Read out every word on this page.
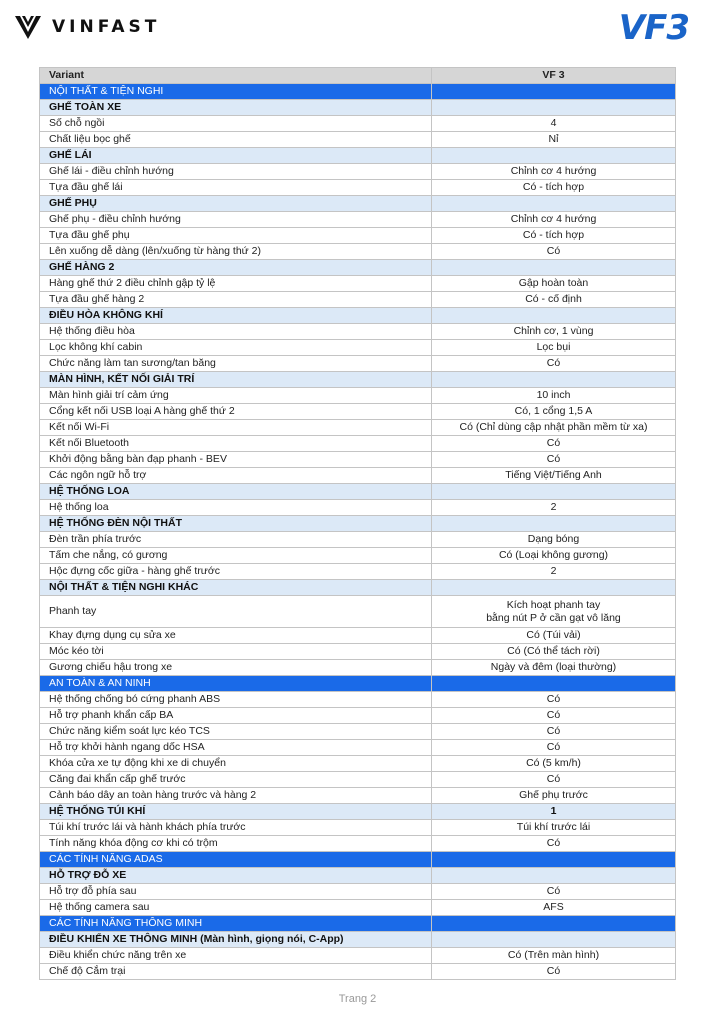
VINFAST	VF3
Variant	VF 3
NỘI THẤT & TIỆN NGHI	
GHẾ TOÀN XE	
Số chỗ ngồi	4
Chất liệu bọc ghế	Nỉ
GHẾ LÁI	
Ghế lái - điều chỉnh hướng	Chỉnh cơ 4 hướng
Tựa đầu ghế lái	Có - tích hợp
GHẾ PHỤ	
Ghế phụ - điều chỉnh hướng	Chỉnh cơ 4 hướng
Tựa đầu ghế phụ	Có - tích hợp
Lên xuống dễ dàng (lên/xuống từ hàng thứ 2)	Có
GHẾ HÀNG 2	
Hàng ghế thứ 2 điều chỉnh gập tỷ lệ	Gập hoàn toàn
Tựa đầu ghế hàng 2	Có - cố định
ĐIỀU HÒA KHÔNG KHÍ	
Hệ thống điều hòa	Chỉnh cơ, 1 vùng
Lọc không khí cabin	Lọc bụi
Chức năng làm tan sương/tan băng	Có
MÀN HÌNH, KẾT NỐI GIẢI TRÍ	
Màn hình giải trí cảm ứng	10 inch
Cổng kết nối USB loại A hàng ghế thứ 2	Có, 1 cổng 1,5 A
Kết nối Wi-Fi	Có (Chỉ dùng cập nhật phần mềm từ xa)
Kết nối Bluetooth	Có
Khởi động bằng bàn đạp phanh - BEV	Có
Các ngôn ngữ hỗ trợ	Tiếng Việt/Tiếng Anh
HỆ THỐNG LOA	
Hệ thống loa	2
HỆ THỐNG ĐÈN NỘI THẤT	
Đèn trần phía trước	Dạng bóng
Tấm che nắng, có gương	Có (Loại không gương)
Hộc đựng cốc giữa - hàng ghế trước	2
NỘI THẤT & TIỆN NGHI KHÁC	
Phanh tay	Kích hoạt phanh tay
bằng nút P ở cần gạt vô lăng

Khay đựng dụng cụ sửa xe	Có (Túi vải)
Móc kéo tời	Có (Có thể tách rời)
Gương chiếu hậu trong xe	Ngày và đêm (loại thường)
AN TOÀN & AN NINH	
Hệ thống chống bó cứng phanh ABS	Có
Hỗ trợ phanh khẩn cấp BA	Có
Chức năng kiểm soát lực kéo TCS	Có
Hỗ trợ khởi hành ngang dốc HSA	Có
Khóa cửa xe tự động khi xe di chuyển	Có (5 km/h)
Căng đai khẩn cấp ghế trước	Có
Cảnh báo dây an toàn hàng trước và hàng 2	Ghế phụ trước
HỆ THỐNG TÚI KHÍ	1
Túi khí trước lái và hành khách phía trước	Túi khí trước lái
Tính năng khóa động cơ khi có trộm	Có
CÁC TÍNH NĂNG ADAS	
HỖ TRỢ ĐỖ XE	
Hỗ trợ đỗ phía sau	Có
Hệ thống camera sau	AFS
CÁC TÍNH NĂNG THÔNG MINH	
ĐIỀU KHIỂN XE THÔNG MINH (Màn hình, giọng nói, C-App)	
Điều khiển chức năng trên xe	Có (Trên màn hình)
Chế độ Cắm trại	Có
Trang 2
